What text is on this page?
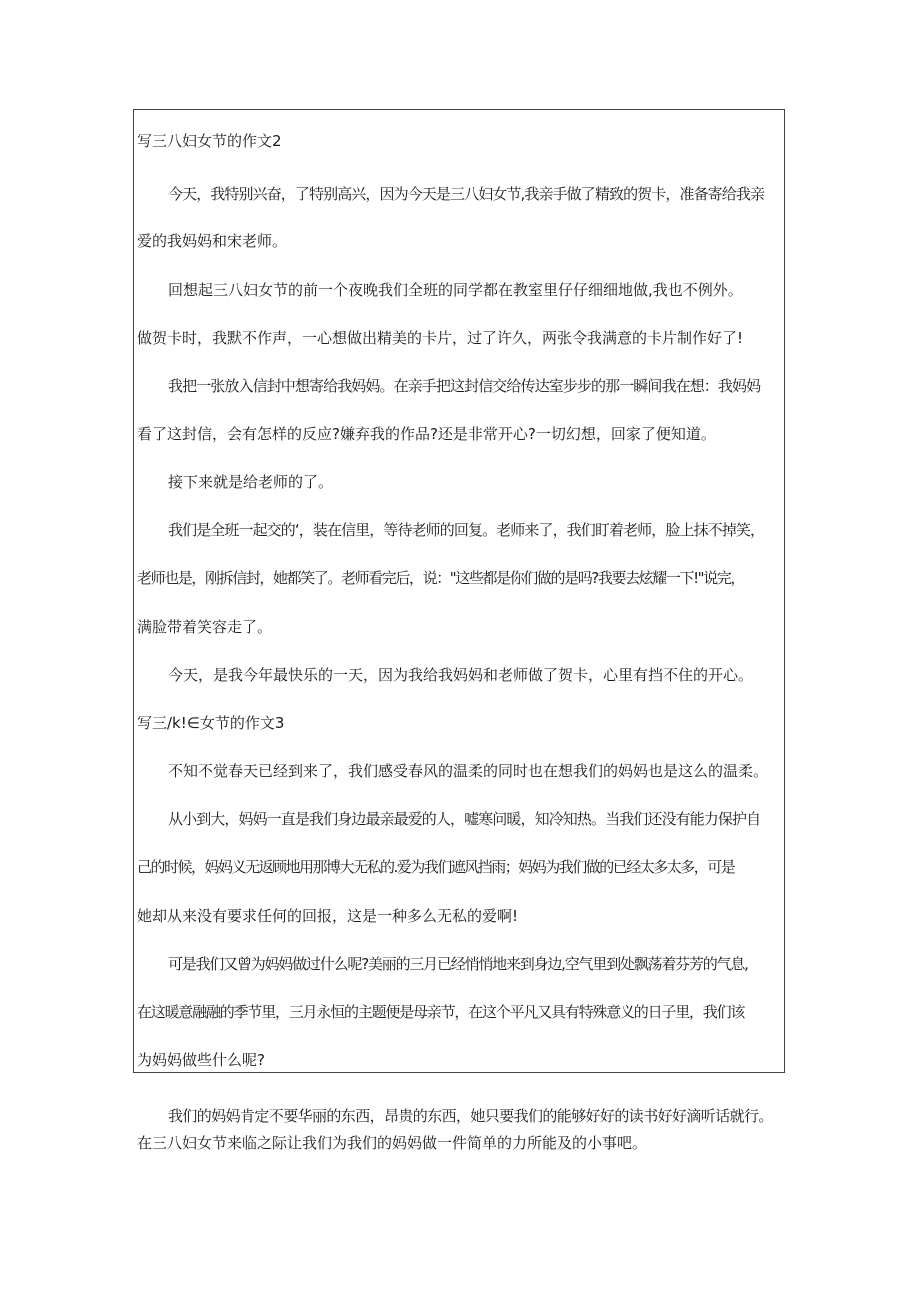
写三八妇女节的作文2
今天，我特别兴奋，了特别高兴，因为今天是三八妇女节,我亲手做了精致的贺卡，准备寄给我亲
爱的我妈妈和宋老师。
回想起三八妇女节的前一个夜晚我们全班的同学都在教室里仔仔细细地做,我也不例外。
做贺卡时，我默不作声，一心想做出精美的卡片，过了许久，两张令我满意的卡片制作好了!
我把一张放入信封中想寄给我妈妈。在亲手把这封信交给传达室步步的那一瞬间我在想：我妈妈
看了这封信，会有怎样的反应?嫌弃我的作品?还是非常开心?一切幻想，回家了便知道。
接下来就是给老师的了。
我们是全班一起交的‘，装在信里，等待老师的回复。老师来了，我们盯着老师，脸上抹不掉笑，
老师也是，刚拆信封，她都笑了。老师看完后，说："这些都是你们做的是吗?我要去炫耀一下!"说完，
满脸带着笑容走了。
今天，是我今年最快乐的一天，因为我给我妈妈和老师做了贺卡，心里有挡不住的开心。
写三/k!∈女节的作文3
不知不觉春天已经到来了，我们感受春风的温柔的同时也在想我们的妈妈也是这么的温柔。
从小到大，妈妈一直是我们身边最亲最爱的人，嘘寒问暖，知冷知热。当我们还没有能力保护自
己的时候，妈妈义无返顾地用那博大无私的.爱为我们遮风挡雨；妈妈为我们做的已经太多太多，可是
她却从来没有要求任何的回报，这是一种多么无私的爱啊!
可是我们又曾为妈妈做过什么呢?美丽的三月已经悄悄地来到身边,空气里到处飘荡着芬芳的气息,
在这暖意融融的季节里，三月永恒的主题便是母亲节，在这个平凡又具有特殊意义的日子里，我们该
为妈妈做些什么呢?
我们的妈妈肯定不要华丽的东西，昂贵的东西，她只要我们的能够好好的读书好好滴听话就行。
在三八妇女节来临之际让我们为我们的妈妈做一件简单的力所能及的小事吧。
